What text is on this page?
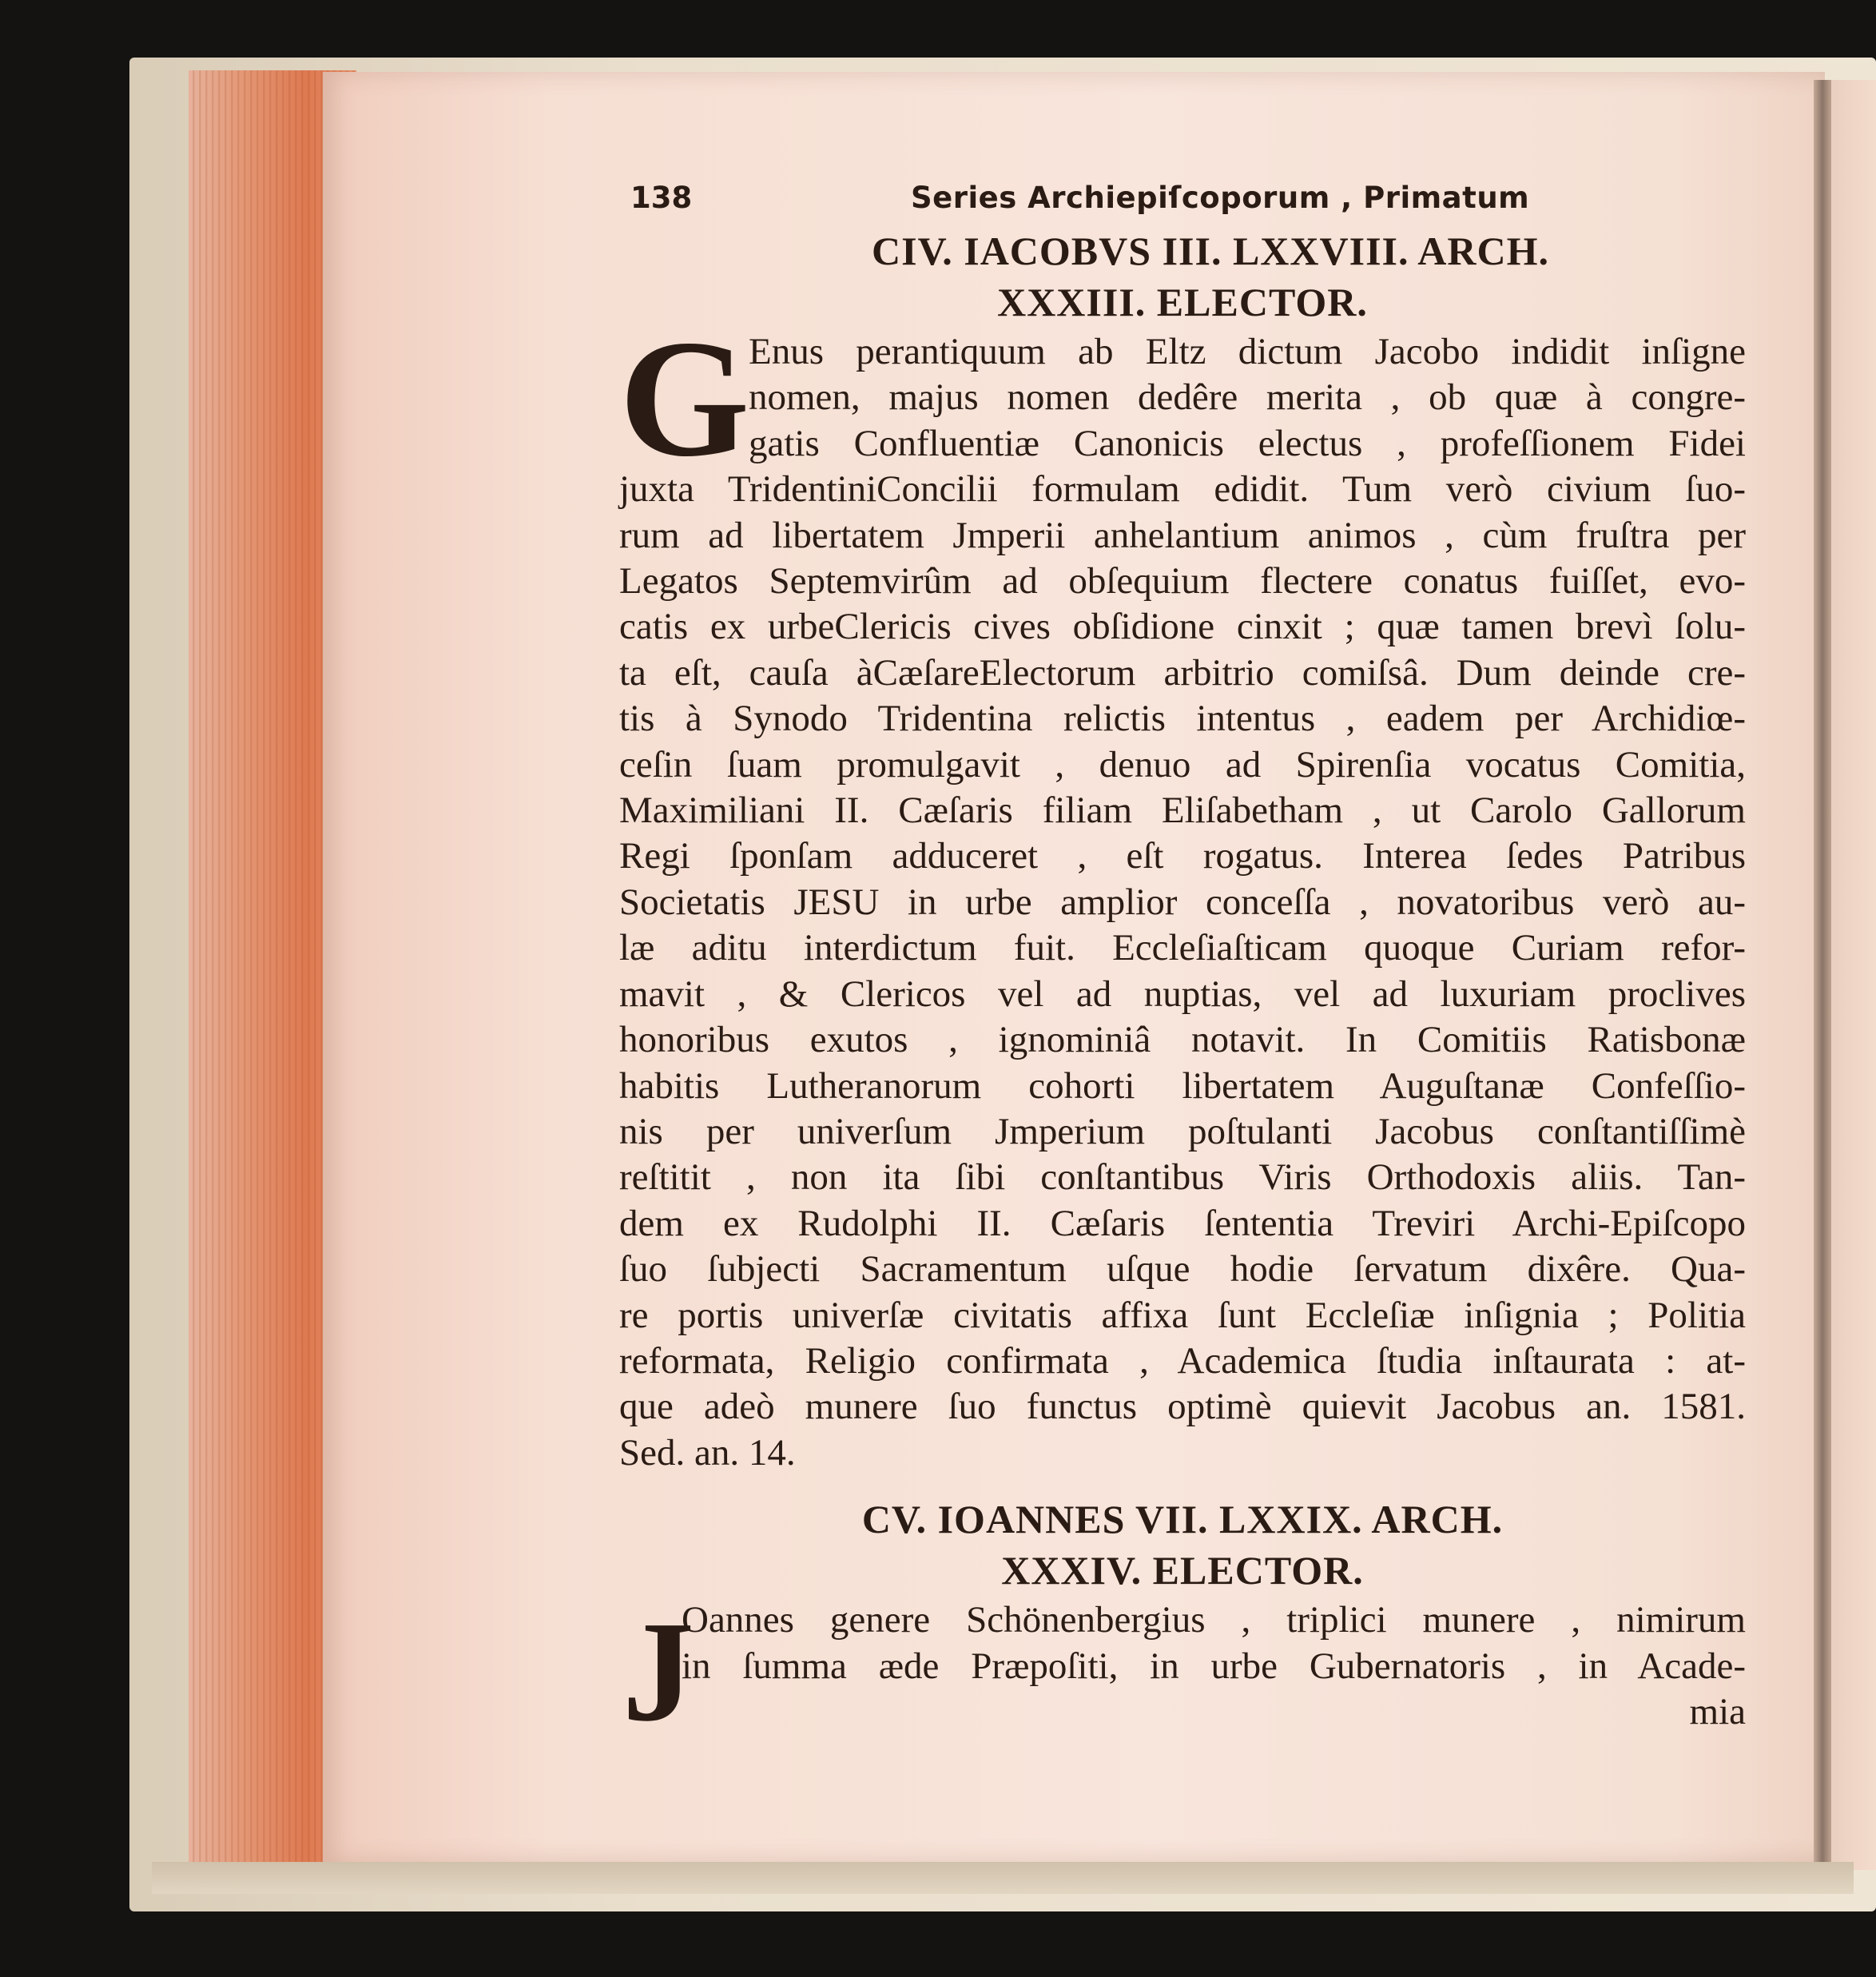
138	Series Archiepiſcoporum , Primatum
CIV. IACOBVS III. LXXVIII. ARCH.
XXXIII. ELECTOR.
G
Enus perantiquum ab Eltz dictum Jacobo indidit inſigne
nomen, majus nomen dedêre merita , ob quæ à congre-
gatis Confluentiæ Canonicis electus , profeſſionem Fidei
juxta TridentiniConcilii formulam edidit. Tum verò civium ſuo-
rum ad libertatem Jmperii anhelantium animos , cùm fruſtra per
Legatos Septemvirûm ad obſequium flectere conatus fuiſſet, evo-
catis ex urbeClericis cives obſidione cinxit ; quæ tamen brevì ſolu-
ta eſt, cauſa àCæſareElectorum arbitrio comiſsâ. Dum deinde cre-
tis à Synodo Tridentina relictis intentus , eadem per Archidiœ-
ceſin ſuam promulgavit , denuo ad Spirenſia vocatus Comitia,
Maximiliani II. Cæſaris filiam Eliſabetham , ut Carolo Gallorum
Regi ſponſam adduceret , eſt rogatus. Interea ſedes Patribus
Societatis JESU in urbe amplior conceſſa , novatoribus verò au-
læ aditu interdictum fuit. Eccleſiaſticam quoque Curiam refor-
mavit , & Clericos vel ad nuptias, vel ad luxuriam proclives
honoribus exutos , ignominiâ notavit. In Comitiis Ratisbonæ
habitis Lutheranorum cohorti libertatem Auguſtanæ Confeſſio-
nis per univerſum Jmperium poſtulanti Jacobus conſtantiſſimè
reſtitit , non ita ſibi conſtantibus Viris Orthodoxis aliis. Tan-
dem ex Rudolphi II. Cæſaris ſententia Treviri Archi-Epiſcopo
ſuo ſubjecti Sacramentum uſque hodie ſervatum dixêre. Qua-
re portis univerſæ civitatis affixa ſunt Eccleſiæ inſignia ; Politia
reformata, Religio confirmata , Academica ſtudia inſtaurata : at-
que adeò munere ſuo functus optimè quievit Jacobus an. 1581.
Sed. an. 14.
CV. IOANNES VII. LXXIX. ARCH.
XXXIV. ELECTOR.
J
Oannes genere Schönenbergius , triplici munere , nimirum
in ſumma æde Præpoſiti, in urbe Gubernatoris , in Acade-
mia
